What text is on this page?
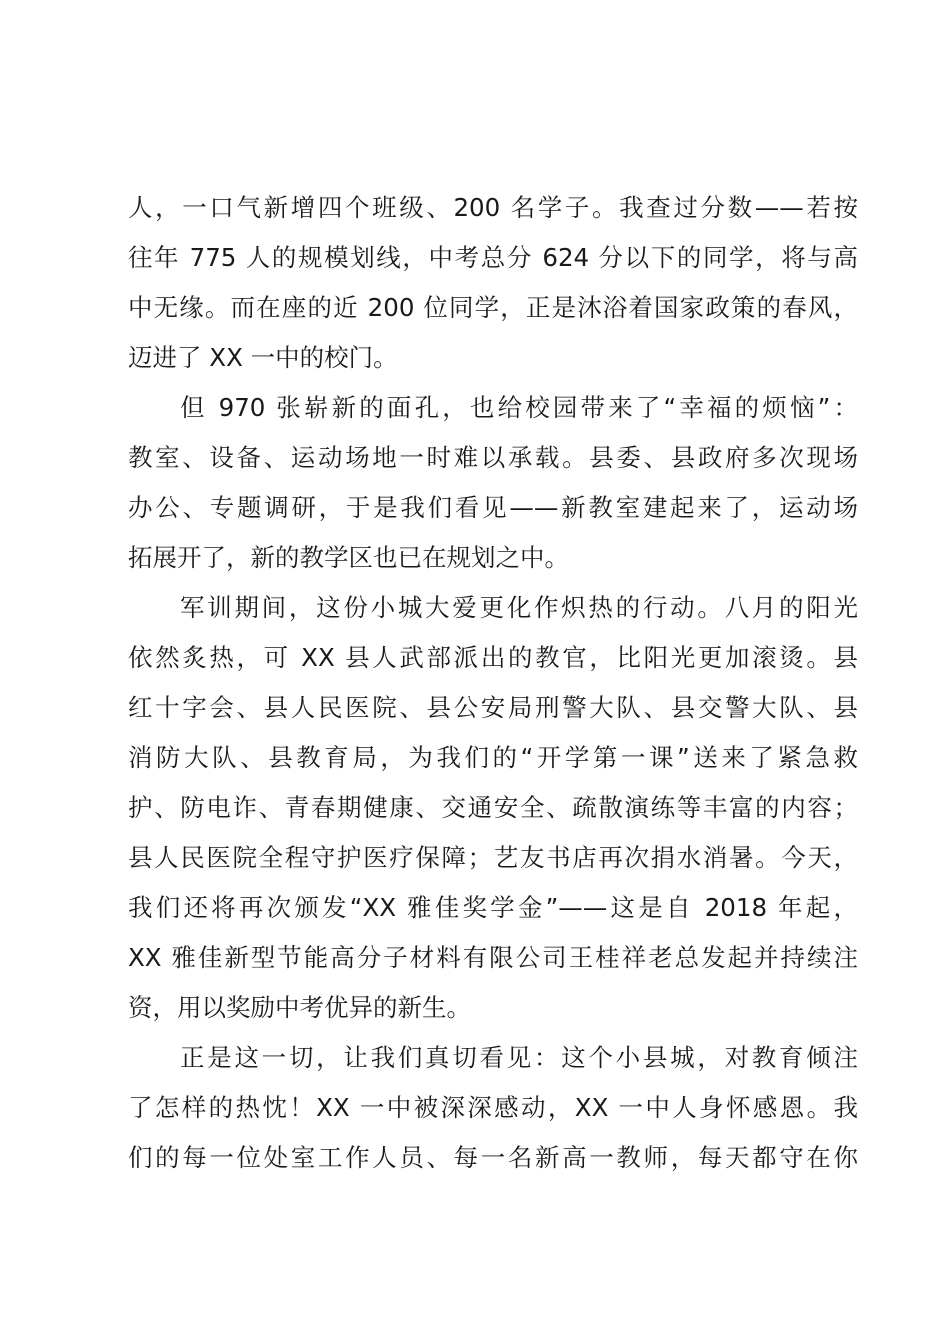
人，一口气新增四个班级、200 名学子。我查过分数——若按
往年 775 人的规模划线，中考总分 624 分以下的同学，将与高
中无缘。而在座的近 200 位同学，正是沐浴着国家政策的春风，
迈进了 XX 一中的校门。
但 970 张崭新的面孔，也给校园带来了“幸福的烦恼”：
教室、设备、运动场地一时难以承载。县委、县政府多次现场
办公、专题调研，于是我们看见——新教室建起来了，运动场
拓展开了，新的教学区也已在规划之中。
军训期间，这份小城大爱更化作炽热的行动。八月的阳光
依然炙热，可 XX 县人武部派出的教官，比阳光更加滚烫。县
红十字会、县人民医院、县公安局刑警大队、县交警大队、县
消防大队、县教育局，为我们的“开学第一课”送来了紧急救
护、防电诈、青春期健康、交通安全、疏散演练等丰富的内容；
县人民医院全程守护医疗保障；艺友书店再次捐水消暑。今天，
我们还将再次颁发“XX 雅佳奖学金”——这是自 2018 年起，
XX 雅佳新型节能高分子材料有限公司王桂祥老总发起并持续注
资，用以奖励中考优异的新生。
正是这一切，让我们真切看见：这个小县城，对教育倾注
了怎样的热忱！XX 一中被深深感动，XX 一中人身怀感恩。我
们的每一位处室工作人员、每一名新高一教师，每天都守在你
